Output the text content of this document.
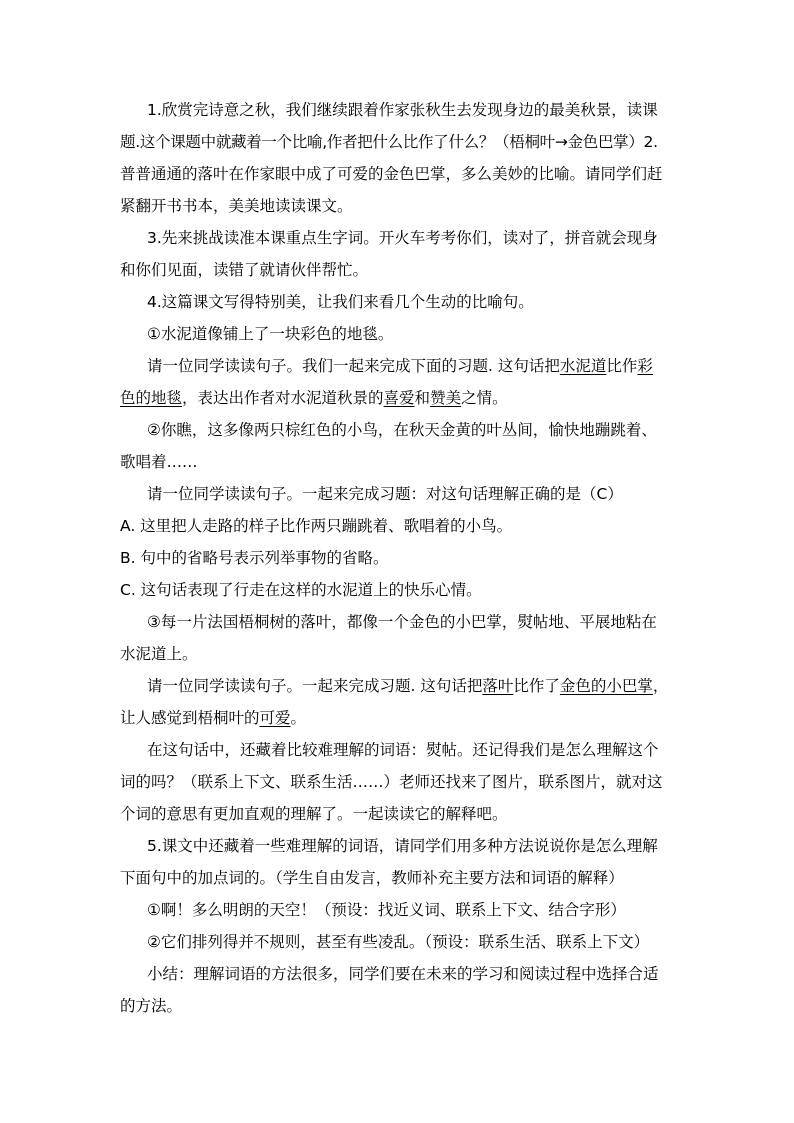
1.欣赏完诗意之秋，我们继续跟着作家张秋生去发现身边的最美秋景，读课
题.这个课题中就藏着一个比喻,作者把什么比作了什么？（梧桐叶→金色巴掌）2.
普普通通的落叶在作家眼中成了可爱的金色巴掌，多么美妙的比喻。请同学们赶
紧翻开书书本，美美地读读课文。
3.先来挑战读准本课重点生字词。开火车考考你们，读对了，拼音就会现身
和你们见面，读错了就请伙伴帮忙。
4.这篇课文写得特别美，让我们来看几个生动的比喻句。
①水泥道像铺上了一块彩色的地毯。
请一位同学读读句子。我们一起来完成下面的习题. 这句话把水泥道比作彩
色的地毯，表达出作者对水泥道秋景的喜爱和赞美之情。
②你瞧，这多像两只棕红色的小鸟，在秋天金黄的叶丛间，愉快地蹦跳着、
歌唱着……
请一位同学读读句子。一起来完成习题：对这句话理解正确的是（C）
A. 这里把人走路的样子比作两只蹦跳着、歌唱着的小鸟。
B. 句中的省略号表示列举事物的省略。
C. 这句话表现了行走在这样的水泥道上的快乐心情。
③每一片法国梧桐树的落叶，都像一个金色的小巴掌，熨帖地、平展地粘在
水泥道上。
请一位同学读读句子。一起来完成习题. 这句话把落叶比作了金色的小巴掌，
让人感觉到梧桐叶的可爱。
在这句话中，还藏着比较难理解的词语：熨帖。还记得我们是怎么理解这个
词的吗？（联系上下文、联系生活……）老师还找来了图片，联系图片，就对这
个词的意思有更加直观的理解了。一起读读它的解释吧。
5.课文中还藏着一些难理解的词语，请同学们用多种方法说说你是怎么理解
下面句中的加点词的。（学生自由发言，教师补充主要方法和词语的解释）
①啊！多么明朗的天空！（预设：找近义词、联系上下文、结合字形）
②它们排列得并不规则，甚至有些凌乱。（预设：联系生活、联系上下文）
小结：理解词语的方法很多，同学们要在未来的学习和阅读过程中选择合适
的方法。
